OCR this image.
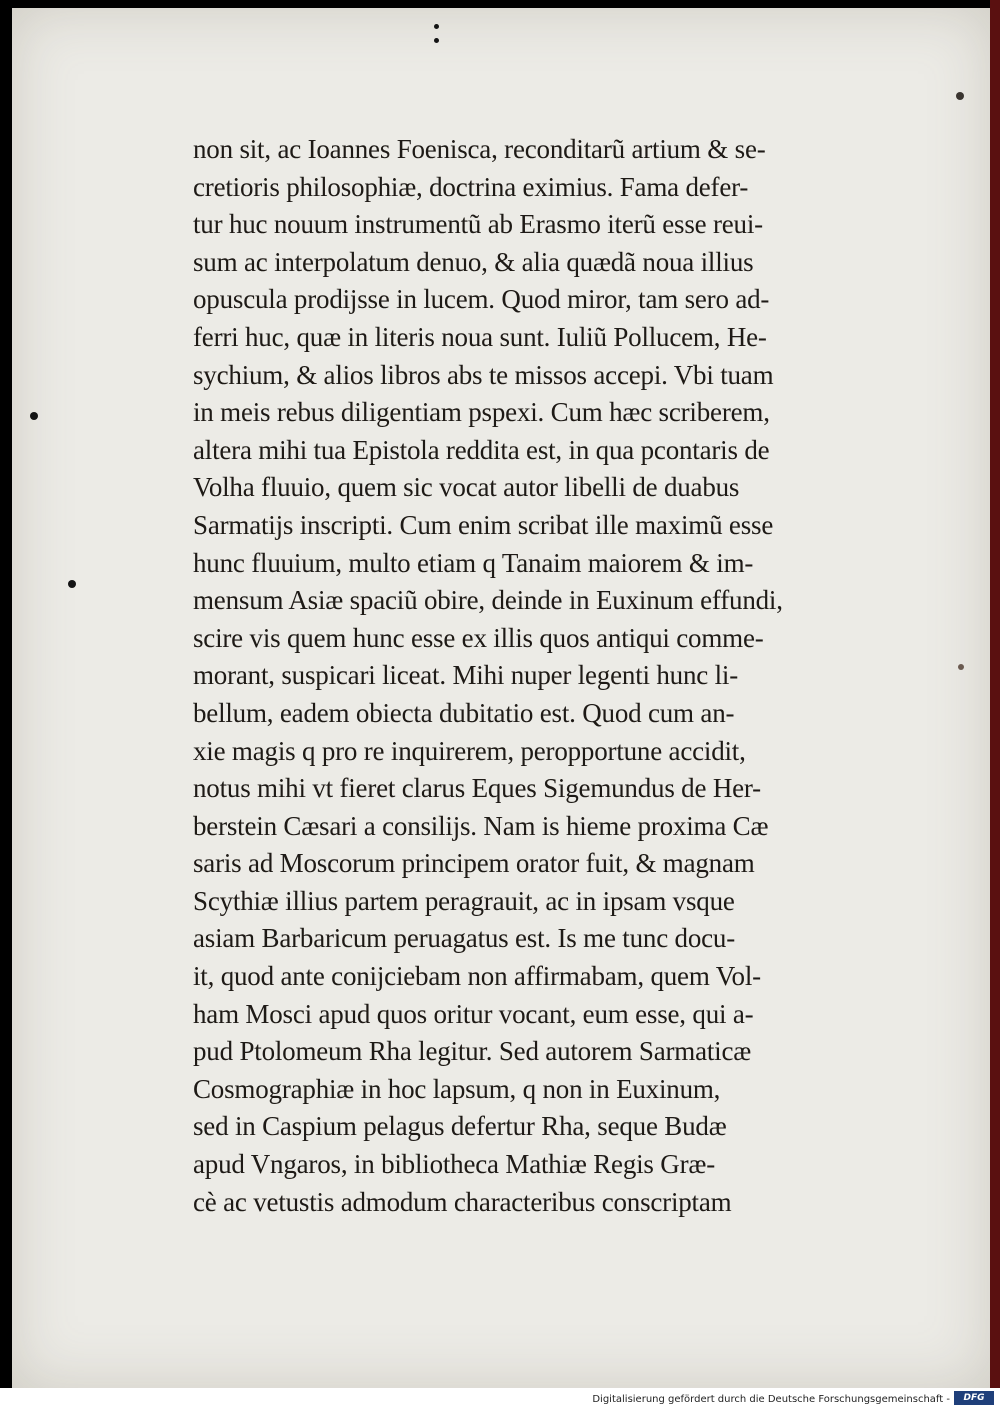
non sit, ac Ioannes Foenisca, reconditarũ artium & se-
cretioris philosophiæ, doctrina eximius. Fama defer-
tur huc nouum instrumentũ ab Erasmo iterũ esse reui-
sum ac interpolatum denuo, & alia quædã noua illius
opuscula prodijsse in lucem. Quod miror, tam sero ad-
ferri huc, quæ in literis noua sunt. Iuliũ Pollucem, He-
sychium, & alios libros abs te missos accepi. Vbi tuam
in meis rebus diligentiam pspexi. Cum hæc scriberem,
altera mihi tua Epistola reddita est, in qua pcontaris de
Volha fluuio, quem sic vocat autor libelli de duabus
Sarmatijs inscripti. Cum enim scribat ille maximũ esse
hunc fluuium, multo etiam q Tanaim maiorem & im-
mensum Asiæ spaciũ obire, deinde in Euxinum effundi,
scire vis quem hunc esse ex illis quos antiqui comme-
morant, suspicari liceat. Mihi nuper legenti hunc li-
bellum, eadem obiecta dubitatio est. Quod cum an-
xie magis q pro re inquirerem, peropportune accidit,
notus mihi vt fieret clarus Eques Sigemundus de Her-
berstein Cæsari a consilijs. Nam is hieme proxima Cæ
saris ad Moscorum principem orator fuit, & magnam
Scythiæ illius partem peragrauit, ac in ipsam vsque
asiam Barbaricum peruagatus est. Is me tunc docu-
it, quod ante conijciebam non affirmabam, quem Vol-
ham Mosci apud quos oritur vocant, eum esse, qui a-
pud Ptolomeum Rha legitur. Sed autorem Sarmaticæ
Cosmographiæ in hoc lapsum, q non in Euxinum,
sed in Caspium pelagus defertur Rha, seque Budæ
apud Vngaros, in bibliotheca Mathiæ Regis Græ-
cè ac vetustis admodum characteribus conscriptam
Digitalisierung gefördert durch die Deutsche Forschungsgemeinschaft -	DFG
